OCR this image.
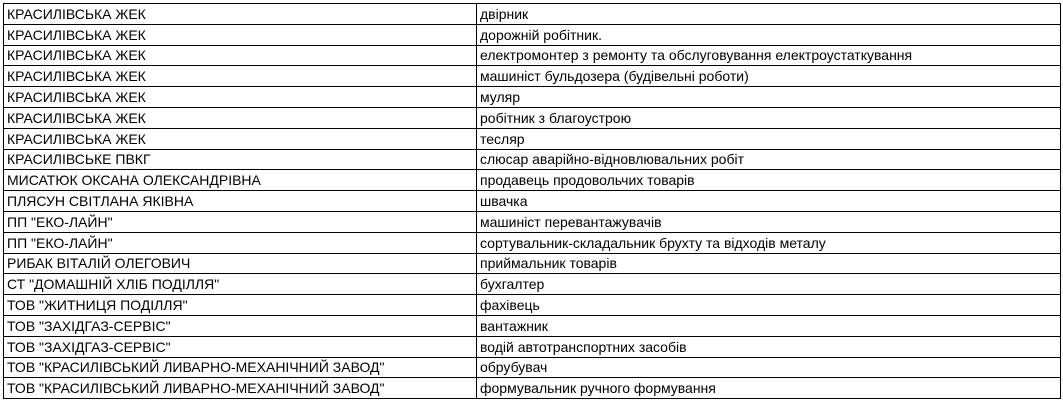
КРАСИЛІВСЬКА ЖЕК	двірник
КРАСИЛІВСЬКА ЖЕК	дорожній робітник.
КРАСИЛІВСЬКА ЖЕК	електромонтер з ремонту та обслуговування електроустаткування
КРАСИЛІВСЬКА ЖЕК	машиніст бульдозера (будівельні роботи)
КРАСИЛІВСЬКА ЖЕК	муляр
КРАСИЛІВСЬКА ЖЕК	робітник з благоустрою
КРАСИЛІВСЬКА ЖЕК	тесляр
КРАСИЛІВСЬКЕ ПВКГ	слюсар аварійно-відновлювальних робіт
МИСАТЮК ОКСАНА ОЛЕКСАНДРІВНА	продавець продовольчих товарів
ПЛЯСУН СВІТЛАНА ЯКІВНА	швачка
ПП "ЕКО-ЛАЙН"	машиніст перевантажувачів
ПП "ЕКО-ЛАЙН"	сортувальник-складальник брухту та відходів металу
РИБАК ВІТАЛІЙ ОЛЕГОВИЧ	приймальник товарів
СТ "ДОМАШНІЙ ХЛІБ ПОДІЛЛЯ"	бухгалтер
ТОВ "ЖИТНИЦЯ ПОДІЛЛЯ"	фахівець
ТОВ "ЗАХІДГАЗ-СЕРВІС"	вантажник
ТОВ "ЗАХІДГАЗ-СЕРВІС"	водій автотранспортних засобів
ТОВ "КРАСИЛІВСЬКИЙ ЛИВАРНО-МЕХАНІЧНИЙ ЗАВОД"	обрубувач
ТОВ "КРАСИЛІВСЬКИЙ ЛИВАРНО-МЕХАНІЧНИЙ ЗАВОД"	формувальник ручного формування
